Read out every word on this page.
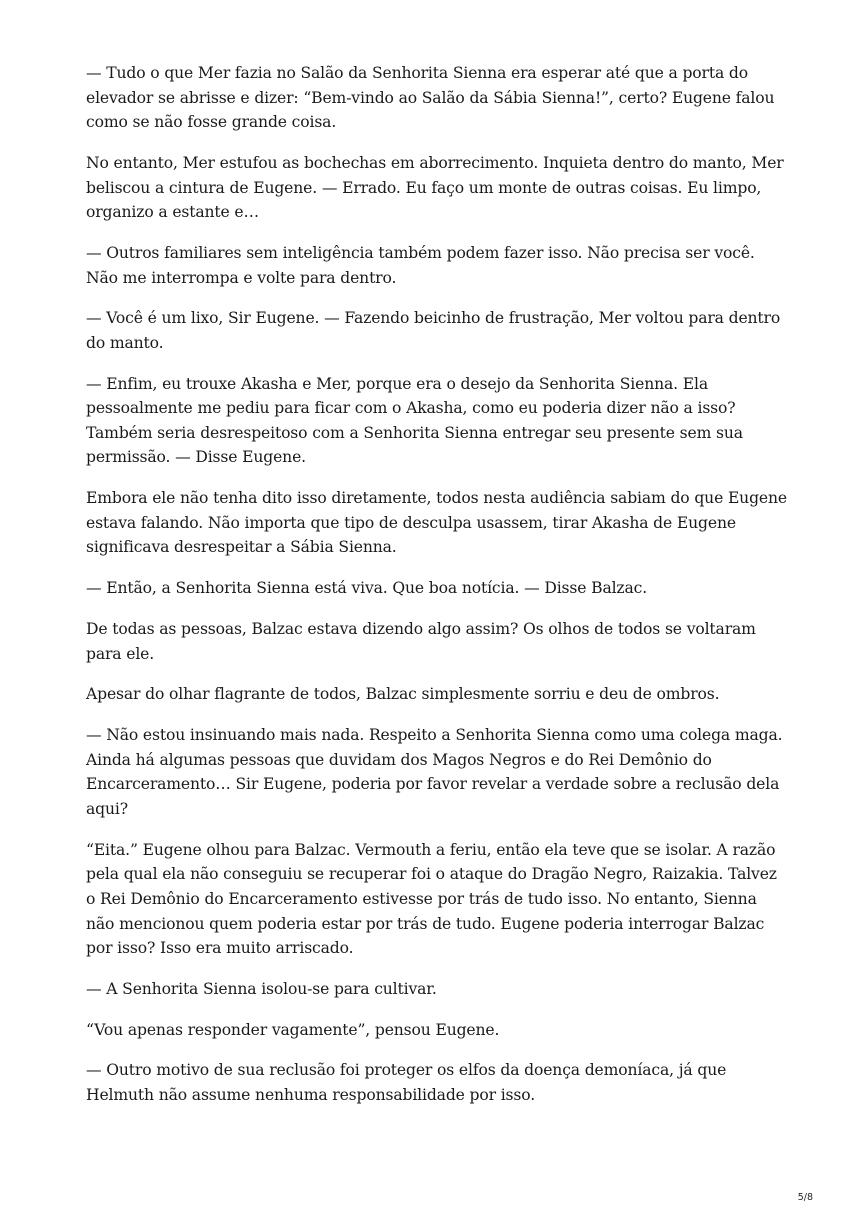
— Tudo o que Mer fazia no Salão da Senhorita Sienna era esperar até que a porta do elevador se abrisse e dizer: “Bem-vindo ao Salão da Sábia Sienna!”, certo? Eugene falou como se não fosse grande coisa.

No entanto, Mer estufou as bochechas em aborrecimento. Inquieta dentro do manto, Mer beliscou a cintura de Eugene. — Errado. Eu faço um monte de outras coisas. Eu limpo, organizo a estante e…

— Outros familiares sem inteligência também podem fazer isso. Não precisa ser você. Não me interrompa e volte para dentro.

— Você é um lixo, Sir Eugene. — Fazendo beicinho de frustração, Mer voltou para dentro do manto.

— Enfim, eu trouxe Akasha e Mer, porque era o desejo da Senhorita Sienna. Ela pessoalmente me pediu para ficar com o Akasha, como eu poderia dizer não a isso? Também seria desrespeitoso com a Senhorita Sienna entregar seu presente sem sua permissão. — Disse Eugene.

Embora ele não tenha dito isso diretamente, todos nesta audiência sabiam do que Eugene estava falando. Não importa que tipo de desculpa usassem, tirar Akasha de Eugene significava desrespeitar a Sábia Sienna.

— Então, a Senhorita Sienna está viva. Que boa notícia. — Disse Balzac.

De todas as pessoas, Balzac estava dizendo algo assim? Os olhos de todos se voltaram para ele.

Apesar do olhar flagrante de todos, Balzac simplesmente sorriu e deu de ombros.

— Não estou insinuando mais nada. Respeito a Senhorita Sienna como uma colega maga. Ainda há algumas pessoas que duvidam dos Magos Negros e do Rei Demônio do Encarceramento… Sir Eugene, poderia por favor revelar a verdade sobre a reclusão dela aqui?

“Eita.” Eugene olhou para Balzac. Vermouth a feriu, então ela teve que se isolar. A razão pela qual ela não conseguiu se recuperar foi o ataque do Dragão Negro, Raizakia. Talvez o Rei Demônio do Encarceramento estivesse por trás de tudo isso. No entanto, Sienna não mencionou quem poderia estar por trás de tudo. Eugene poderia interrogar Balzac por isso? Isso era muito arriscado.

— A Senhorita Sienna isolou-se para cultivar.

“Vou apenas responder vagamente”, pensou Eugene.

— Outro motivo de sua reclusão foi proteger os elfos da doença demoníaca, já que Helmuth não assume nenhuma responsabilidade por isso.

5/8
